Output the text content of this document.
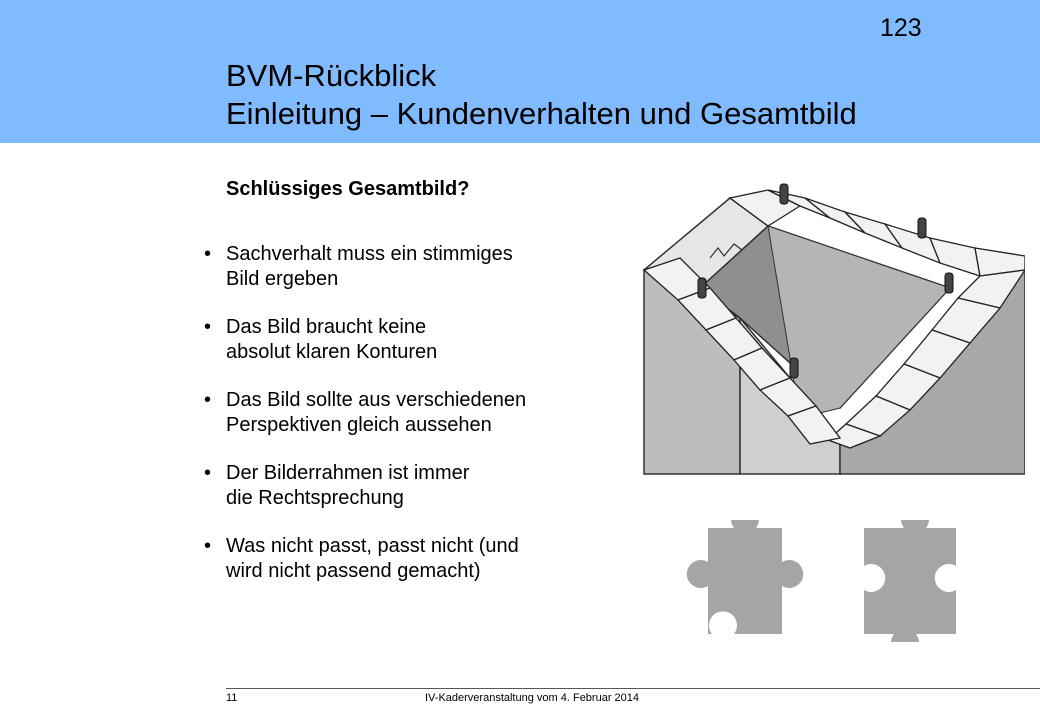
123
BVM-Rückblick
Einleitung – Kundenverhalten und Gesamtbild
Schlüssiges Gesamtbild?
• Sachverhalt muss ein stimmiges
Bild ergeben
• Das Bild braucht keine
absolut klaren Konturen
• Das Bild sollte aus verschiedenen
Perspektiven gleich aussehen
• Der Bilderrahmen ist immer
die Rechtsprechung
• Was nicht passt, passt nicht (und
wird nicht passend gemacht)
11	IV-Kaderveranstaltung vom 4. Februar 2014
